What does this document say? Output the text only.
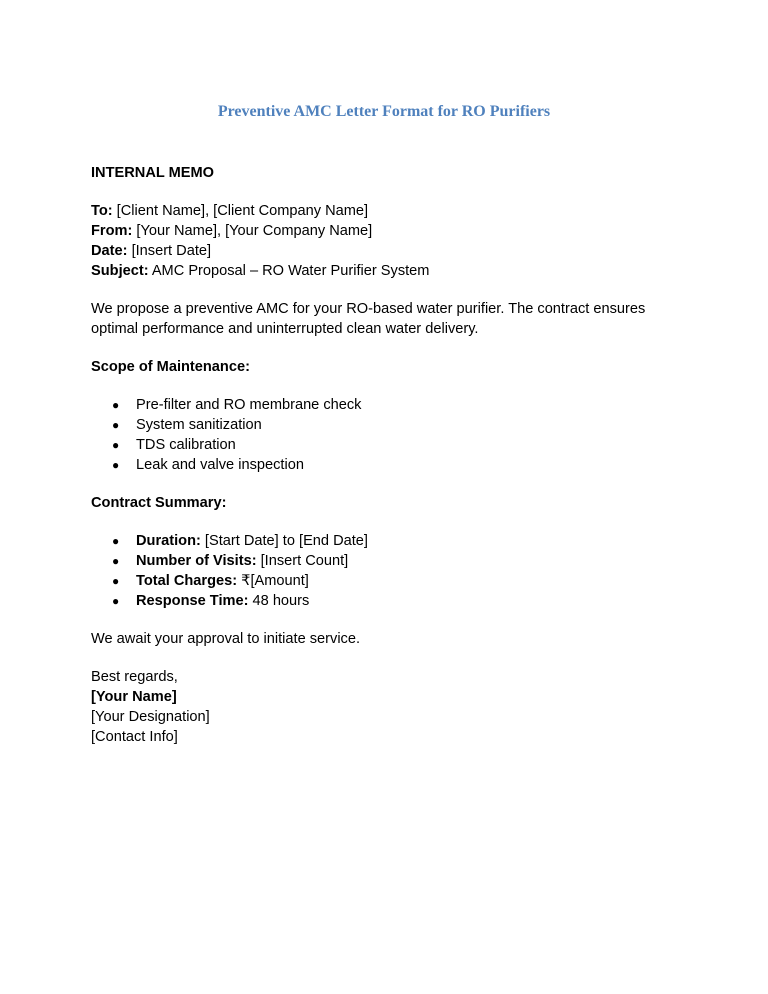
Preventive AMC Letter Format for RO Purifiers

INTERNAL MEMO

To: [Client Name], [Client Company Name]

From: [Your Name], [Your Company Name]

Date: [Insert Date]

Subject: AMC Proposal – RO Water Purifier System

We propose a preventive AMC for your RO-based water purifier. The contract ensures
optimal performance and uninterrupted clean water delivery.

Scope of Maintenance:

● Pre-filter and RO membrane check
● System sanitization
● TDS calibration
● Leak and valve inspection

Contract Summary:

● Duration: [Start Date] to [End Date]
● Number of Visits: [Insert Count]
● Total Charges: ₹[Amount]
● Response Time: 48 hours

We await your approval to initiate service.

Best regards,

[Your Name]

[Your Designation]

[Contact Info]
